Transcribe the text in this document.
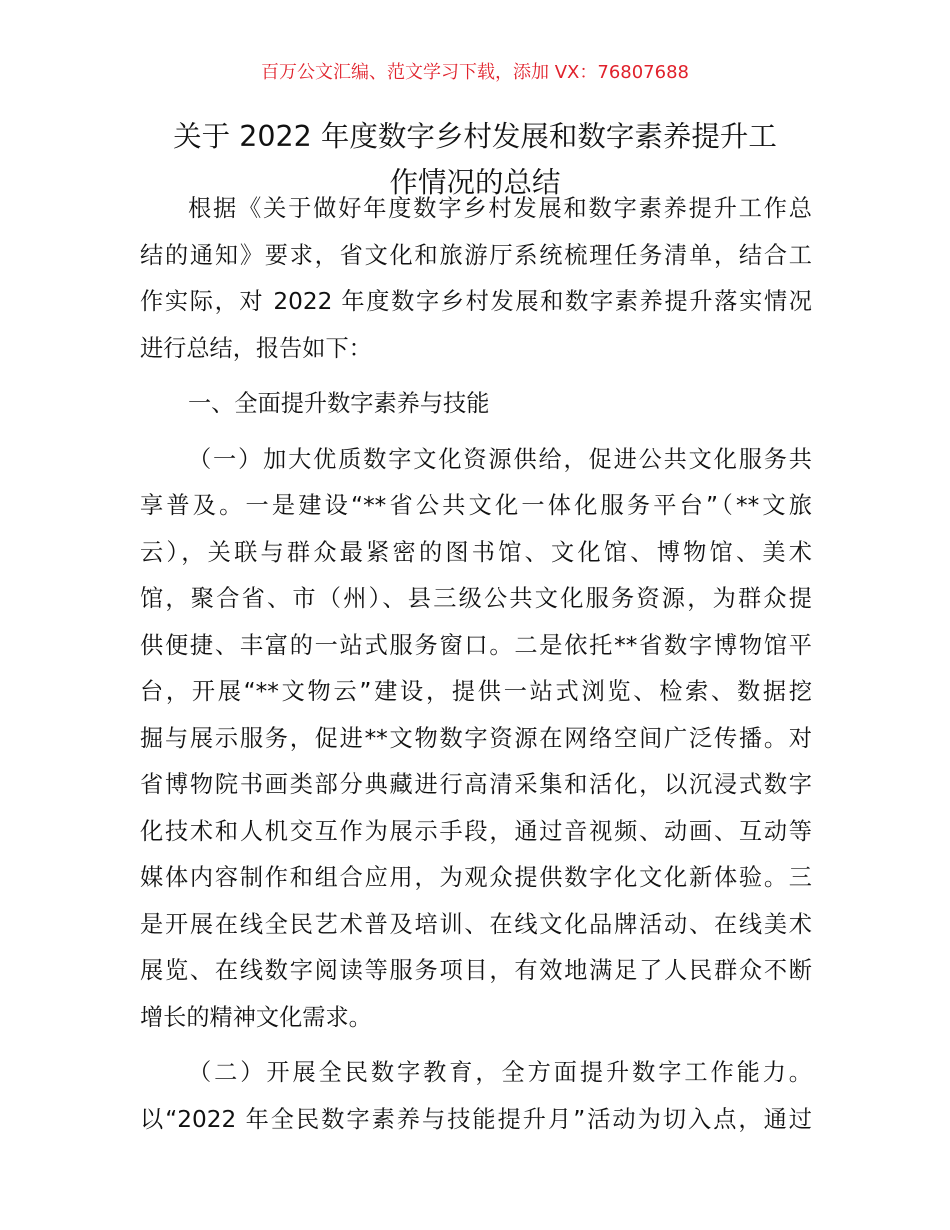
百万公文汇编、范文学习下载，添加 VX：76807688
关于 2022 年度数字乡村发展和数字素养提升工
作情况的总结
根据《关于做好年度数字乡村发展和数字素养提升工作总
结的通知》要求，省文化和旅游厅系统梳理任务清单，结合工
作实际，对 2022 年度数字乡村发展和数字素养提升落实情况
进行总结，报告如下：
一、全面提升数字素养与技能
（一）加大优质数字文化资源供给，促进公共文化服务共
享普及。一是建设“**省公共文化一体化服务平台”（**文旅
云），关联与群众最紧密的图书馆、文化馆、博物馆、美术
馆，聚合省、市（州）、县三级公共文化服务资源，为群众提
供便捷、丰富的一站式服务窗口。二是依托**省数字博物馆平
台，开展“**文物云”建设，提供一站式浏览、检索、数据挖
掘与展示服务，促进**文物数字资源在网络空间广泛传播。对
省博物院书画类部分典藏进行高清采集和活化，以沉浸式数字
化技术和人机交互作为展示手段，通过音视频、动画、互动等
媒体内容制作和组合应用，为观众提供数字化文化新体验。三
是开展在线全民艺术普及培训、在线文化品牌活动、在线美术
展览、在线数字阅读等服务项目，有效地满足了人民群众不断
增长的精神文化需求。
（二）开展全民数字教育，全方面提升数字工作能力。
以“2022 年全民数字素养与技能提升月”活动为切入点，通过
